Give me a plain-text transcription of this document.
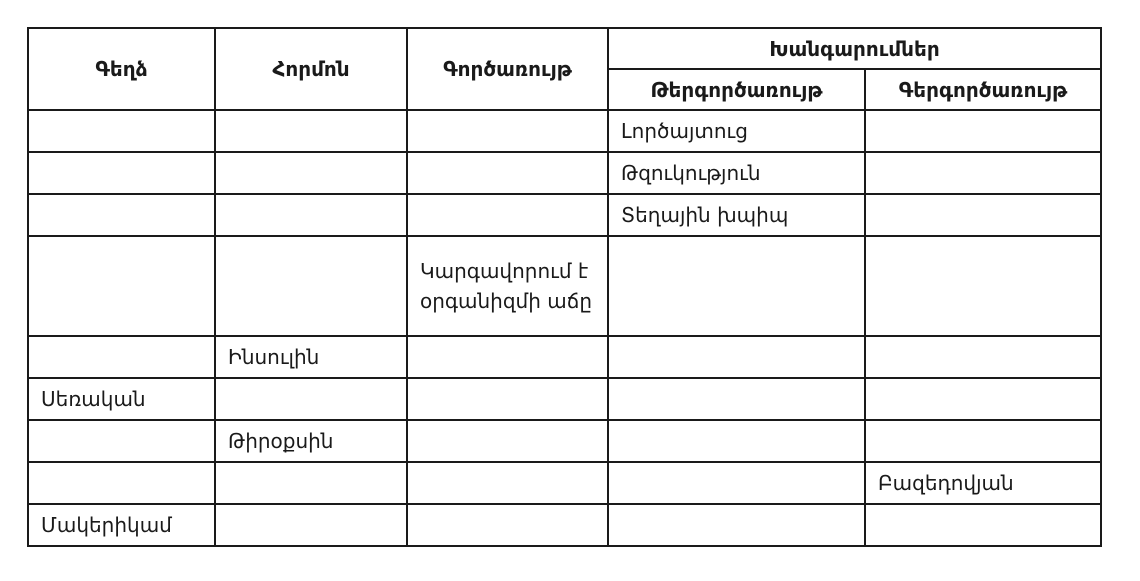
Գեղձ	Հորմոն	Գործառույթ	Խանգարումներ	
			Թերգործառույթ	Գերգործառույթ
			Լործայտուց	
			Թզուկություն	
			Տեղային խպիպ	
		Կարգավորում է օրգանիզմի աճը		
	Ինսուլին			
Սեռական				
	Թիրօքսին			
				Բազեդովյան
Մակերիկամ				
